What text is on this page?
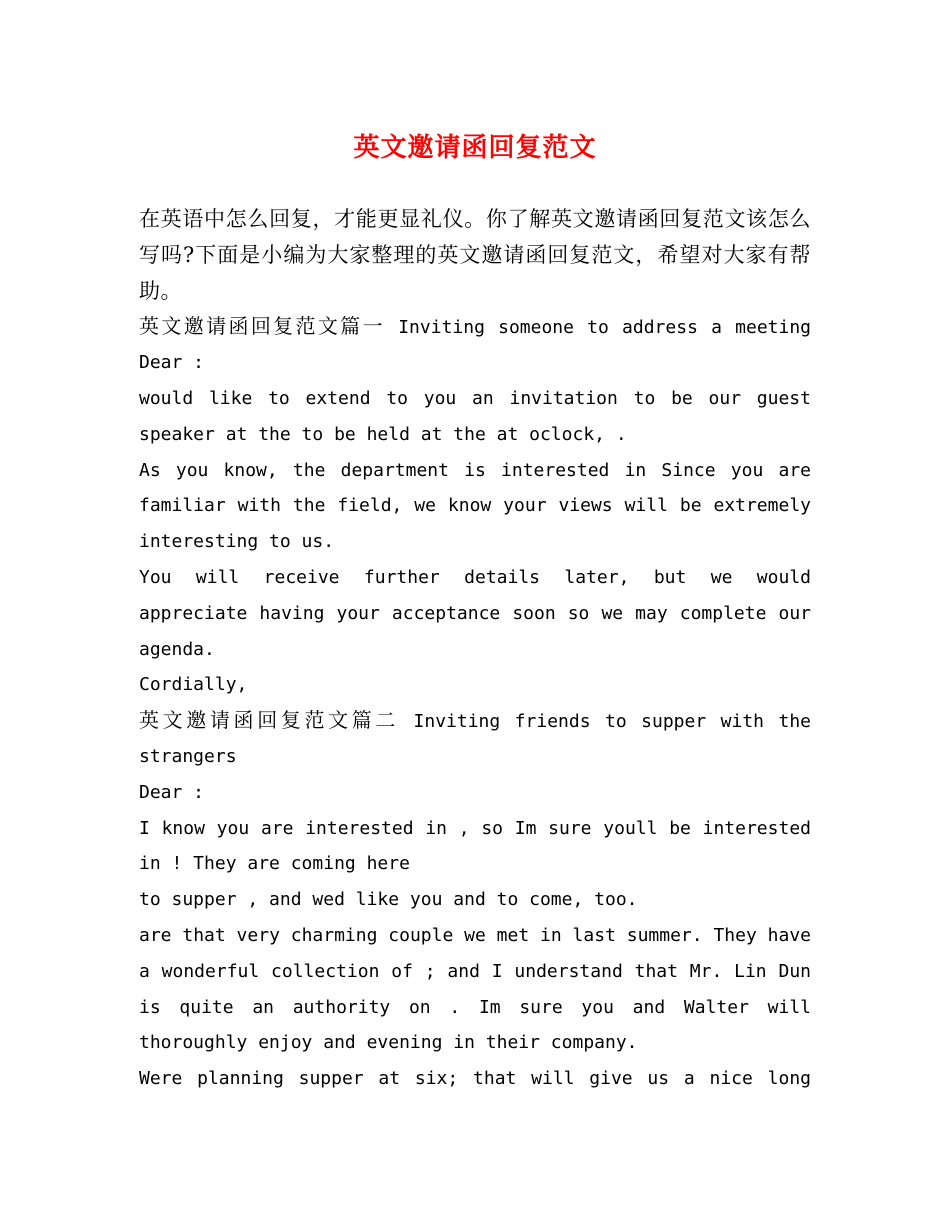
英文邀请函回复范文
在英语中怎么回复，才能更显礼仪。你了解英文邀请函回复范文该怎么
写吗?下面是小编为大家整理的英文邀请函回复范文，希望对大家有帮
助。
英文邀请函回复范文篇一 Inviting someone to address a meeting
Dear :
would like to extend to you an invitation to be our guest
speaker at the to be held at the at oclock, .
As you know, the department is interested in Since you are
familiar with the field, we know your views will be extremely
interesting to us.
You will receive further details later, but we would
appreciate having your acceptance soon so we may complete our
agenda.
Cordially,
英文邀请函回复范文篇二 Inviting friends to supper with the
strangers
Dear :
I know you are interested in , so Im sure youll be interested
in ! They are coming here
to supper , and wed like you and to come, too.
are that very charming couple we met in last summer. They have
a wonderful collection of ; and I understand that Mr. Lin Dun
is quite an authority on . Im sure you and Walter will
thoroughly enjoy and evening in their company.
Were planning supper at six; that will give us a nice long
